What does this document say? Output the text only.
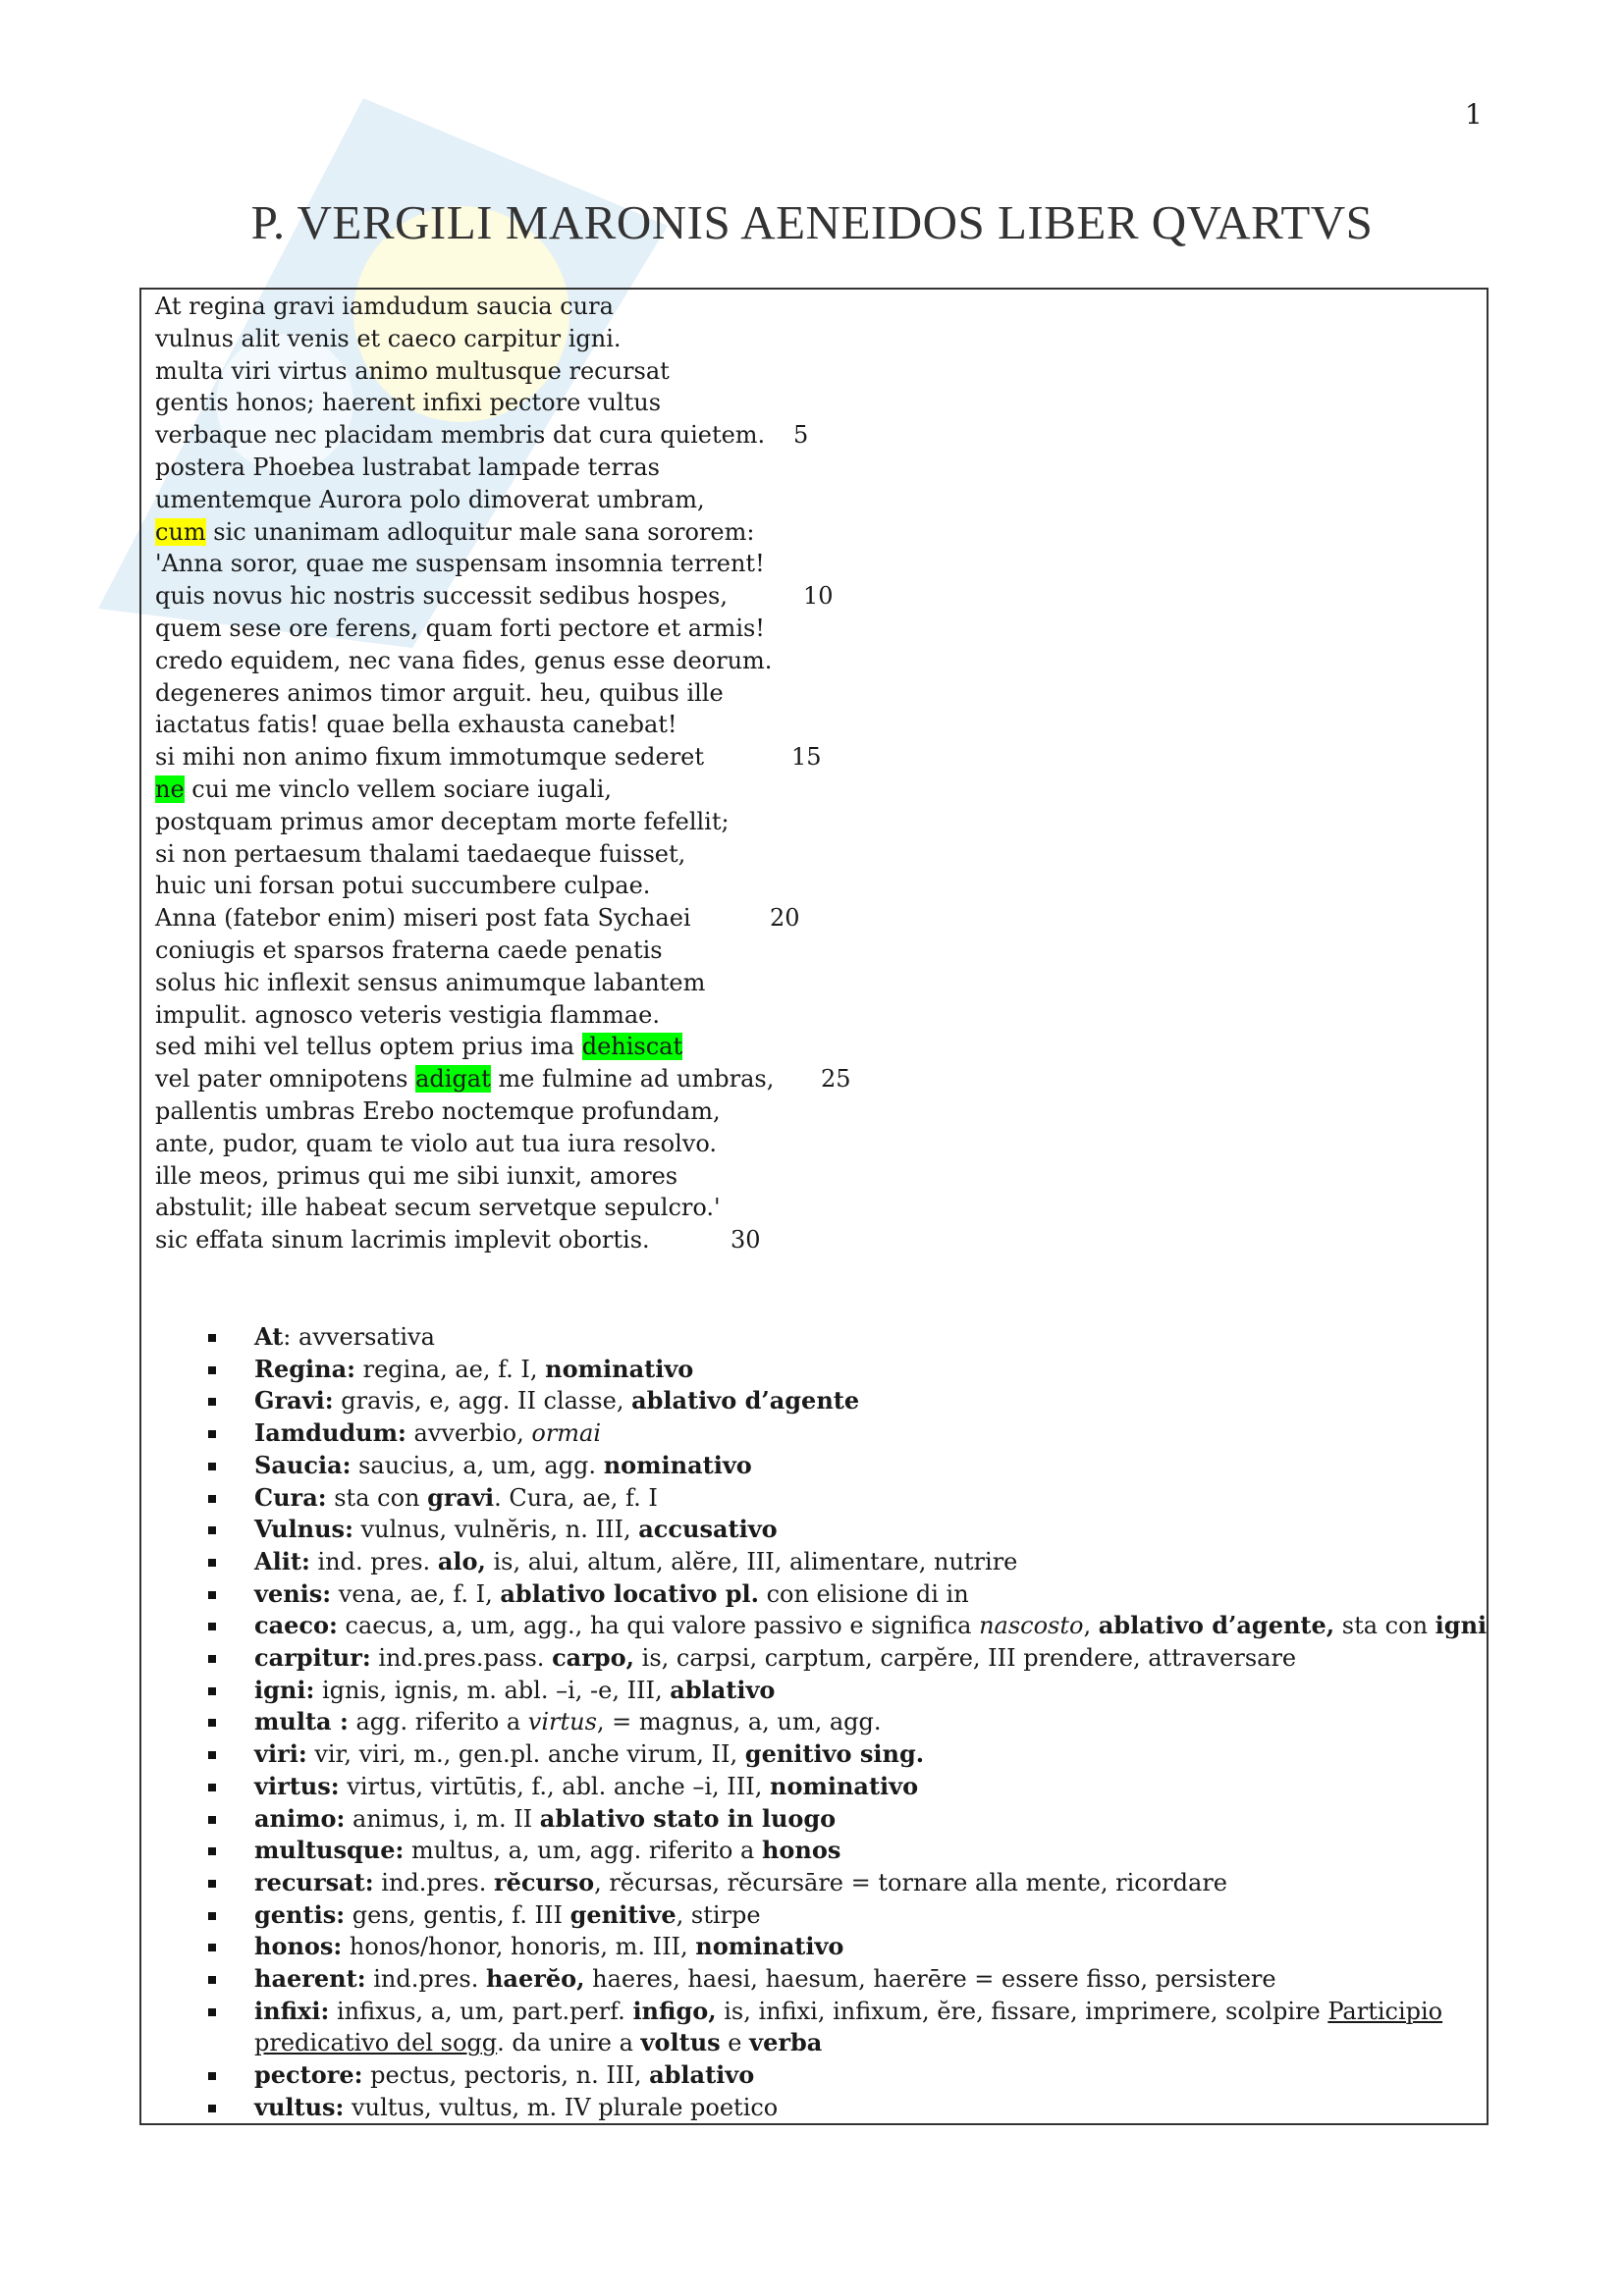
1
P. VERGILI MARONIS AENEIDOS LIBER QVARTVS
At regina gravi iamdudum saucia cura
vulnus alit venis et caeco carpitur igni.
multa viri virtus animo multusque recursat
gentis honos; haerent infixi pectore vultus
verbaque nec placidam membris dat cura quietem. 5
postera Phoebea lustrabat lampade terras
umentemque Aurora polo dimoverat umbram,
cum sic unanimam adloquitur male sana sororem:
'Anna soror, quae me suspensam insomnia terrent!
quis novus hic nostris successit sedibus hospes,	10
quem sese ore ferens, quam forti pectore et armis!
credo equidem, nec vana fides, genus esse deorum.
degeneres animos timor arguit. heu, quibus ille
iactatus fatis! quae bella exhausta canebat!
si mihi non animo fixum immotumque sederet	15
ne cui me vinclo vellem sociare iugali,
postquam primus amor deceptam morte fefellit;
si non pertaesum thalami taedaeque fuisset,
huic uni forsan potui succumbere culpae.
Anna (fatebor enim) miseri post fata Sychaei	20
coniugis et sparsos fraterna caede penatis
solus hic inflexit sensus animumque labantem
impulit. agnosco veteris vestigia flammae.
sed mihi vel tellus optem prius ima dehiscat
vel pater omnipotens adigat me fulmine ad umbras, 25
pallentis umbras Erebo noctemque profundam,
ante, pudor, quam te violo aut tua iura resolvo.
ille meos, primus qui me sibi iunxit, amores
abstulit; ille habeat secum servetque sepulcro.'
sic effata sinum lacrimis implevit obortis.	30
At: avversativa
Regina: regina, ae, f. I, nominativo
Gravi: gravis, e, agg. II classe, ablativo d’agente
Iamdudum: avverbio, ormai
Saucia: saucius, a, um, agg. nominativo
Cura: sta con gravi. Cura, ae, f. I
Vulnus: vulnus, vulnĕris, n. III, accusativo
Alit: ind. pres. alo, is, alui, altum, alĕre, III, alimentare, nutrire
venis: vena, ae, f. I, ablativo locativo pl. con elisione di in
caeco: caecus, a, um, agg., ha qui valore passivo e significa nascosto, ablativo d’agente, sta con igni
carpitur: ind.pres.pass. carpo, is, carpsi, carptum, carpĕre, III prendere, attraversare
igni: ignis, ignis, m. abl. –i, -e, III, ablativo
multa : agg. riferito a virtus, = magnus, a, um, agg.
viri: vir, viri, m., gen.pl. anche virum, II, genitivo sing.
virtus: virtus, virtūtis, f., abl. anche –i, III, nominativo
animo: animus, i, m. II ablativo stato in luogo
multusque: multus, a, um, agg. riferito a honos
recursat: ind.pres. rĕcurso, rĕcursas, rĕcursāre = tornare alla mente, ricordare
gentis: gens, gentis, f. III genitive, stirpe
honos: honos/honor, honoris, m. III, nominativo
haerent: ind.pres. haerĕo, haeres, haesi, haesum, haerēre = essere fisso, persistere
infixi: infixus, a, um, part.perf. infigo, is, infixi, infixum, ĕre, fissare, imprimere, scolpire Participio predicativo del sogg. da unire a voltus e verba
pectore: pectus, pectoris, n. III, ablativo
vultus: vultus, vultus, m. IV plurale poetico
